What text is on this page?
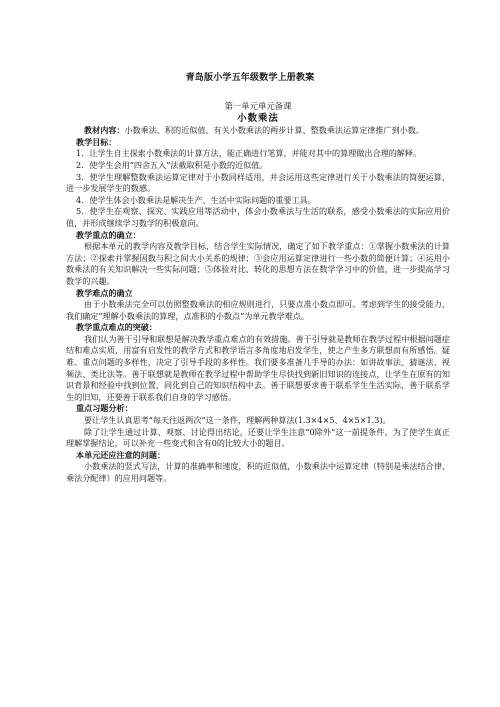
青岛版小学五年级数学上册教案

第一单元单元备课

小数乘法

教材内容：小数乘法、积的近似值、有关小数乘法的两步计算、整数乘法运算定律推广到小数。

教学目标：

1．让学生自主探索小数乘法的计算方法，能正确进行笔算，并能对其中的算理做出合理的解释。

2．使学生会用“四舍五入”法截取积是小数的近似值。

3．使学生理解整数乘法运算定律对于小数同样适用，并会运用这些定律进行关于小数乘法的简便运算，进一步发展学生的数感。

4．使学生体会小数乘法是解决生产、生活中实际问题的重要工具。

5．使学生在观察、探究、实践应用等活动中，体会小数乘法与生活的联系，感受小数乘法的实际应用价值，并形成继续学习数学的积极意向。

教学重点的确立：

根据本单元的教学内容及教学目标，结合学生实际情况，确定了如下教学重点：①掌握小数乘法的计算方法；②探索并掌握因数与积之间大小关系的规律；③会应用运算定律进行一些小数的简便计算；④运用小数乘法的有关知识解决一些实际问题；⑤体验对比、转化的思想方法在数学学习中的价值，进一步提高学习数学的兴趣。

教学难点的确立

由于小数乘法完全可以仿照整数乘法的相应规则进行，只要点准小数点即可。考虑到学生的接受能力，我们确定“理解小数乘法的算理，点准积的小数点”为单元教学难点。

教学重点难点的突破：

我们认为善于引导和联想是解决教学重点难点的有效措施。善于引导就是教师在教学过程中根据问题症结和难点实质，用富有启发性的教学方式和教学语言多角度地启发学生，使之产生多方联想而有所感悟。疑难、重点问题的多样性，决定了引导手段的多样性。我们要多准备几手导的办法：如讲故事法、猜谜法、视频法、类比法等。善于联想就是教师在教学过程中帮助学生尽快找到新旧知识的连接点，让学生在原有的知识背景和经验中找到位置，同化到自己的知识结构中去。善于联想要求善于联系学生生活实际，善于联系学生的旧知，还要善于联系我们自身的学习感悟。

重点习题分析：

要让学生认真思考“每天往返两次”这一条件，理解两种算法(1.3×4×5、4×5×1.3)。

除了让学生通过计算、观察、讨论得出结论，还要让学生注意“0除外”这一前提条件。为了使学生真正理解掌握结论，可以补充一些变式和含有0的比较大小的题目。

本单元还应注意的问题：

小数乘法的竖式写法，计算的准确率和速度，积的近似值，小数乘法中运算定律（特别是乘法结合律、乘法分配律）的应用问题等。
